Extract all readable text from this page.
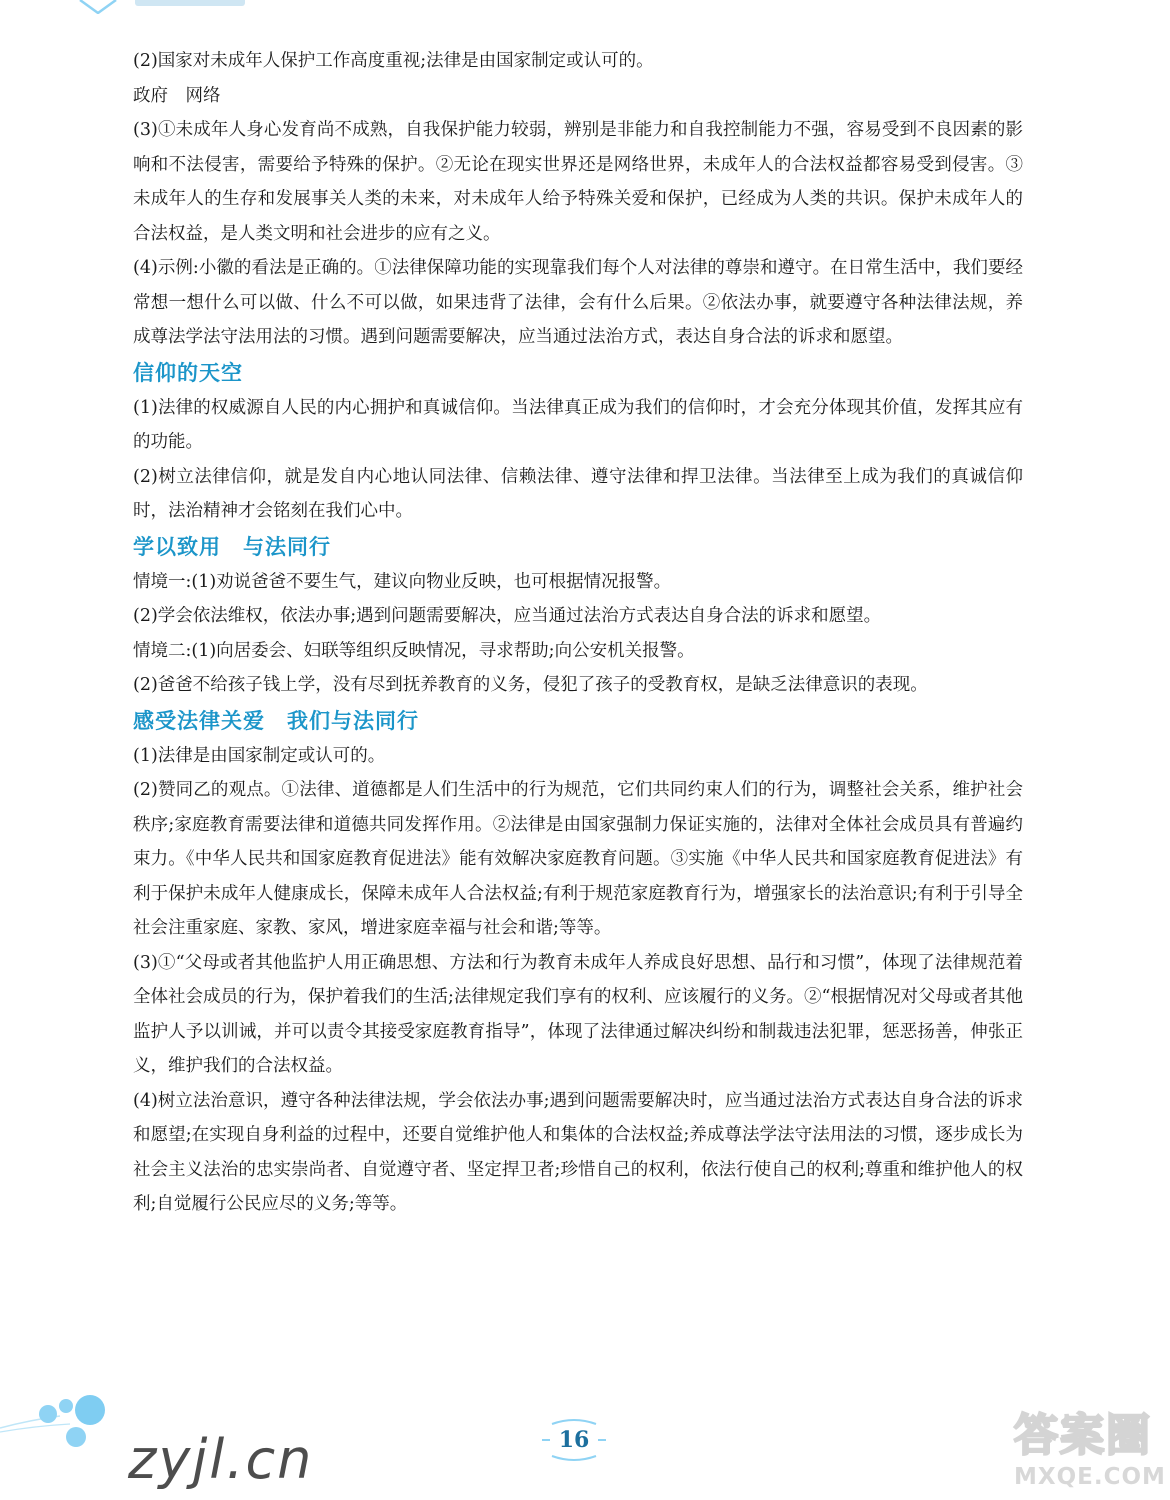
(2)国家对未成年人保护工作高度重视;法律是由国家制定或认可的。

政府　网络

(3)①未成年人身心发育尚不成熟，自我保护能力较弱，辨别是非能力和自我控制能力不强，容易受到不良因素的影响和不法侵害，需要给予特殊的保护。②无论在现实世界还是网络世界，未成年人的合法权益都容易受到侵害。③未成年人的生存和发展事关人类的未来，对未成年人给予特殊关爱和保护，已经成为人类的共识。保护未成年人的合法权益，是人类文明和社会进步的应有之义。

(4)示例:小徽的看法是正确的。①法律保障功能的实现靠我们每个人对法律的尊崇和遵守。在日常生活中，我们要经常想一想什么可以做、什么不可以做，如果违背了法律，会有什么后果。②依法办事，就要遵守各种法律法规，养成尊法学法守法用法的习惯。遇到问题需要解决，应当通过法治方式，表达自身合法的诉求和愿望。

信仰的天空

(1)法律的权威源自人民的内心拥护和真诚信仰。当法律真正成为我们的信仰时，才会充分体现其价值，发挥其应有的功能。

(2)树立法律信仰，就是发自内心地认同法律、信赖法律、遵守法律和捍卫法律。当法律至上成为我们的真诚信仰时，法治精神才会铭刻在我们心中。

学以致用　与法同行

情境一:(1)劝说爸爸不要生气，建议向物业反映，也可根据情况报警。

(2)学会依法维权，依法办事;遇到问题需要解决，应当通过法治方式表达自身合法的诉求和愿望。

情境二:(1)向居委会、妇联等组织反映情况，寻求帮助;向公安机关报警。

(2)爸爸不给孩子钱上学，没有尽到抚养教育的义务，侵犯了孩子的受教育权，是缺乏法律意识的表现。

感受法律关爱　我们与法同行

(1)法律是由国家制定或认可的。

(2)赞同乙的观点。①法律、道德都是人们生活中的行为规范，它们共同约束人们的行为，调整社会关系，维护社会秩序;家庭教育需要法律和道德共同发挥作用。②法律是由国家强制力保证实施的，法律对全体社会成员具有普遍约束力。《中华人民共和国家庭教育促进法》能有效解决家庭教育问题。③实施《中华人民共和国家庭教育促进法》有利于保护未成年人健康成长，保障未成年人合法权益;有利于规范家庭教育行为，增强家长的法治意识;有利于引导全社会注重家庭、家教、家风，增进家庭幸福与社会和谐;等等。

(3)①“父母或者其他监护人用正确思想、方法和行为教育未成年人养成良好思想、品行和习惯”，体现了法律规范着全体社会成员的行为，保护着我们的生活;法律规定我们享有的权利、应该履行的义务。②“根据情况对父母或者其他监护人予以训诫，并可以责令其接受家庭教育指导”，体现了法律通过解决纠纷和制裁违法犯罪，惩恶扬善，伸张正义，维护我们的合法权益。

(4)树立法治意识，遵守各种法律法规，学会依法办事;遇到问题需要解决时，应当通过法治方式表达自身合法的诉求和愿望;在实现自身利益的过程中，还要自觉维护他人和集体的合法权益;养成尊法学法守法用法的习惯，逐步成长为社会主义法治的忠实崇尚者、自觉遵守者、坚定捍卫者;珍惜自己的权利，依法行使自己的权利;尊重和维护他人的权利;自觉履行公民应尽的义务;等等。

16
zyjl.cn	答案圈
MXQE.COM
